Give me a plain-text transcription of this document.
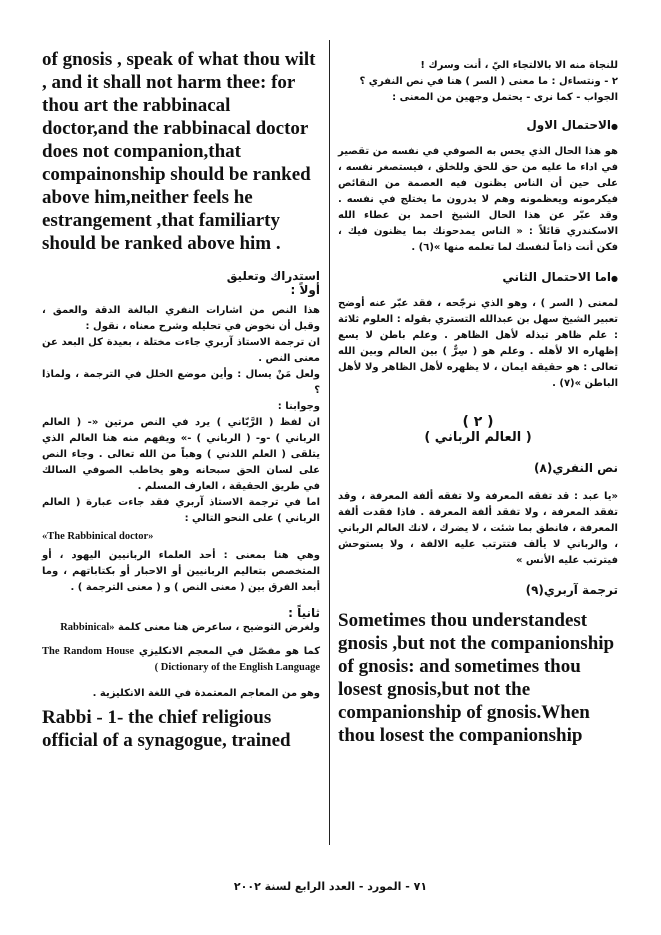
of gnosis , speak of what thou wilt , and it shall not harm thee: for thou art the rabbinacal doctor,and the rabbinacal doctor does not companion,that compainonship should be ranked above him,neither feels he estrangement ,that familiarty should be ranked above him .

استدراك وتعليق

أولاً :

هذا النص من اشارات النفري البالغة الدقة والعمق ، وقبل أن نخوض في تحليله وشرح معناه ، نقول :

ان ترجمة الاستاذ آربري جاءت مختلة ، بعيدة كل البعد عن معنى النص .

ولعل مَنْ يسال : وأين موضع الخلل في الترجمة ، ولماذا ؟

وجوابنا :

ان لفظ ( الرَّبّاني ) يرد في النص مرتين «- ( العالم الرباني ) -و- ( الرباني ) -» ويفهم منه هنا العالم الذي يتلقى ( العلم اللدني ) وهباً من الله تعالى . وجاء النص على لسان الحق سبحانه وهو يخاطب الصوفي السالك في طريق الحقيقة ، العارف المسلم .

اما في ترجمة الاستاذ آربري فقد جاءت عبارة ( العالم الرباني ) على النحو التالي :

«The Rabbinical doctor»

وهي هنا بمعنى : أحد العلماء الربانيين اليهود ، أو المتخصص بتعاليم الربانيين أو الاحبار أو بكتاباتهم ، وما أبعد الفرق بين ( معنى النص ) و ( معنى الترجمة ) .

ثانياً :

ولغرض التوضيح ، ساعرض هنا معنى كلمة «Rabbinical

كما هو مفصّل في المعجم الانكليزي The Random House Dictionary of the English Language )

وهو من المعاجم المعتمدة في اللغة الانكليزية .

Rabbi - 1- the chief religious official of a synagogue, trained

للنجاة منه الا بالالتجاء اليّ ، أنت وسرك !

٢ - ونتساءل : ما معنى ( السر ) هنا في نص النفري ؟

الجواب - كما نرى - يحتمل وجهين من المعنى :

● الاحتمال الاول

هو هذا الحال الذي يحس به الصوفي في نفسه من تقصير في اداء ما عليه من حق للحق وللخلق ، فيستصغر نفسه ، على حين أن الناس يظنون فيه العصمة من النقائص فيكرمونه ويعظمونه وهم لا يدرون ما يختلج في نفسه . وقد عبّر عن هذا الحال الشيخ احمد بن عطاء الله الاسكندري قائلاً : « الناس يمدحونك بما يظنون فيك ، فكن أنت ذاماً لنفسك لما تعلمه منها »(٦) .

● اما الاحتمال الثاني

لمعنى ( السر ) ، وهو الذي نرجّحه ، فقد عبّر عنه أوضح تعبير الشيخ سهل بن عبدالله التستري بقوله : العلوم ثلاثة : علم ظاهر تبذله لأهل الظاهر . وعلم باطن لا يسع إظهاره الا لأهله . وعلم هو ( سِرٌّ ) بين العالم وبين الله تعالى : هو حقيقة ايمان ، لا يظهره لأهل الظاهر ولا لأهل الباطن »(٧) .

( ٢ )

( العالم الرباني )

نص النفري(٨)

«يا عبد : قد تفقه المعرفة ولا تفقه ألفة المعرفة ، وقد تفقد المعرفة ، ولا تفقد ألفة المعرفة . فاذا فقدت ألفة المعرفة ، فانطق بما شئت ، لا يضرك ، لانك العالم الرباني ، والرباني لا يألف فتترتب عليه الالفة ، ولا يستوحش فيترتب عليه الأنس »

ترجمة آربري(٩)

Sometimes thou understandest gnosis ,but not the companionship of gnosis: and sometimes thou losest gnosis,but not the companionship of gnosis.When thou losest the companionship

٧١ - المورد - العدد الرابع لسنة ٢٠٠٢
